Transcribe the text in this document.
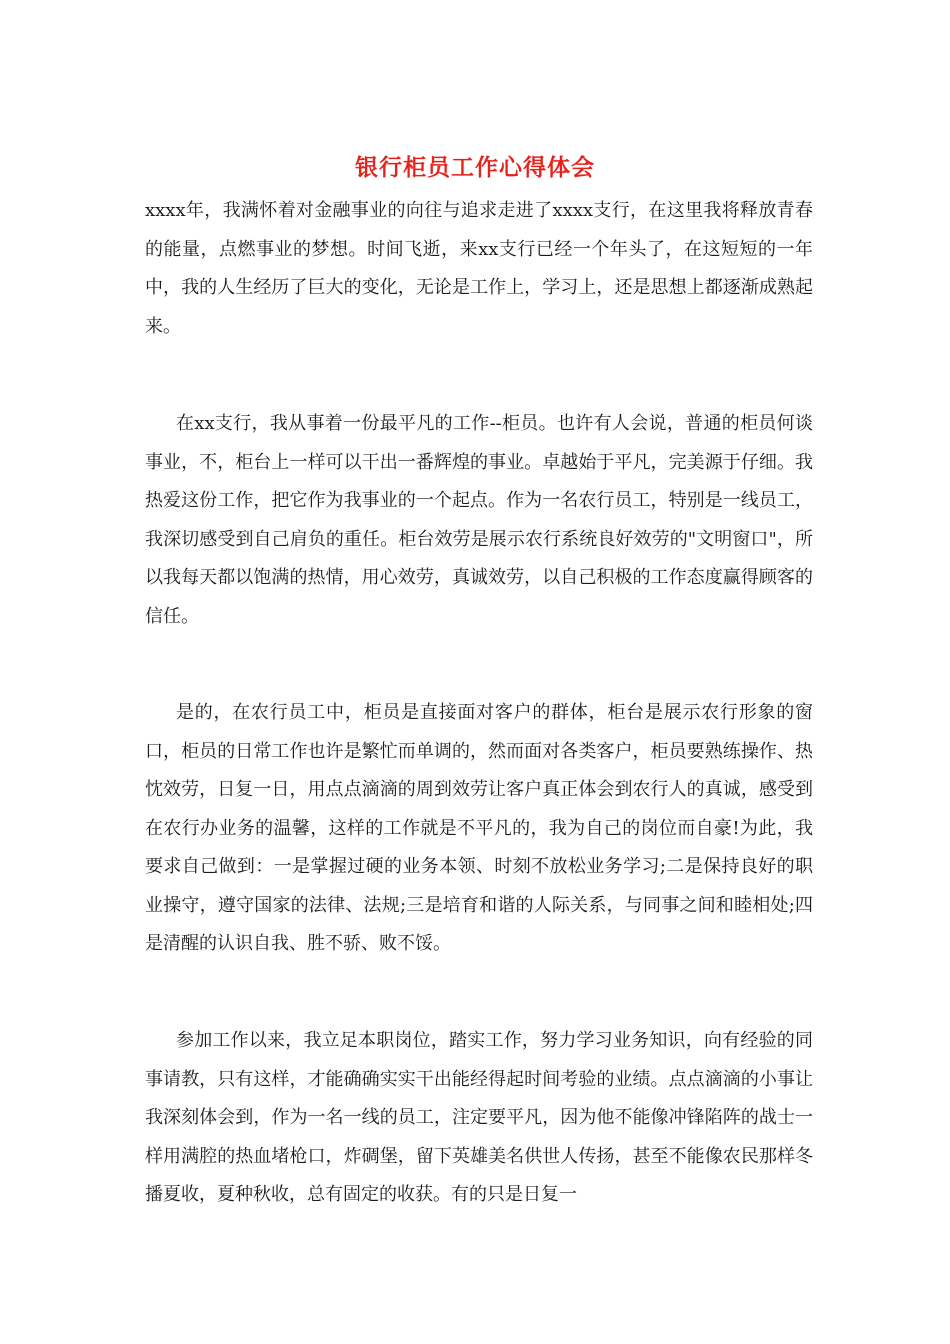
银行柜员工作心得体会

xxxx年，我满怀着对金融事业的向往与追求走进了xxxx支行，在这里我将释放青春的能量，点燃事业的梦想。时间飞逝，来xx支行已经一个年头了，在这短短的一年中，我的人生经历了巨大的变化，无论是工作上，学习上，还是思想上都逐渐成熟起来。

在xx支行，我从事着一份最平凡的工作--柜员。也许有人会说，普通的柜员何谈事业，不，柜台上一样可以干出一番辉煌的事业。卓越始于平凡，完美源于仔细。我热爱这份工作，把它作为我事业的一个起点。作为一名农行员工，特别是一线员工，我深切感受到自己肩负的重任。柜台效劳是展示农行系统良好效劳的"文明窗口"，所以我每天都以饱满的热情，用心效劳，真诚效劳，以自己积极的工作态度赢得顾客的信任。

是的，在农行员工中，柜员是直接面对客户的群体，柜台是展示农行形象的窗口，柜员的日常工作也许是繁忙而单调的，然而面对各类客户，柜员要熟练操作、热忱效劳，日复一日，用点点滴滴的周到效劳让客户真正体会到农行人的真诚，感受到在农行办业务的温馨，这样的工作就是不平凡的，我为自己的岗位而自豪!为此，我要求自己做到：一是掌握过硬的业务本领、时刻不放松业务学习;二是保持良好的职业操守，遵守国家的法律、法规;三是培育和谐的人际关系，与同事之间和睦相处;四是清醒的认识自我、胜不骄、败不馁。

参加工作以来，我立足本职岗位，踏实工作，努力学习业务知识，向有经验的同事请教，只有这样，才能确确实实干出能经得起时间考验的业绩。点点滴滴的小事让我深刻体会到，作为一名一线的员工，注定要平凡，因为他不能像冲锋陷阵的战士一样用满腔的热血堵枪口，炸碉堡，留下英雄美名供世人传扬，甚至不能像农民那样冬播夏收，夏种秋收，总有固定的收获。有的只是日复一
